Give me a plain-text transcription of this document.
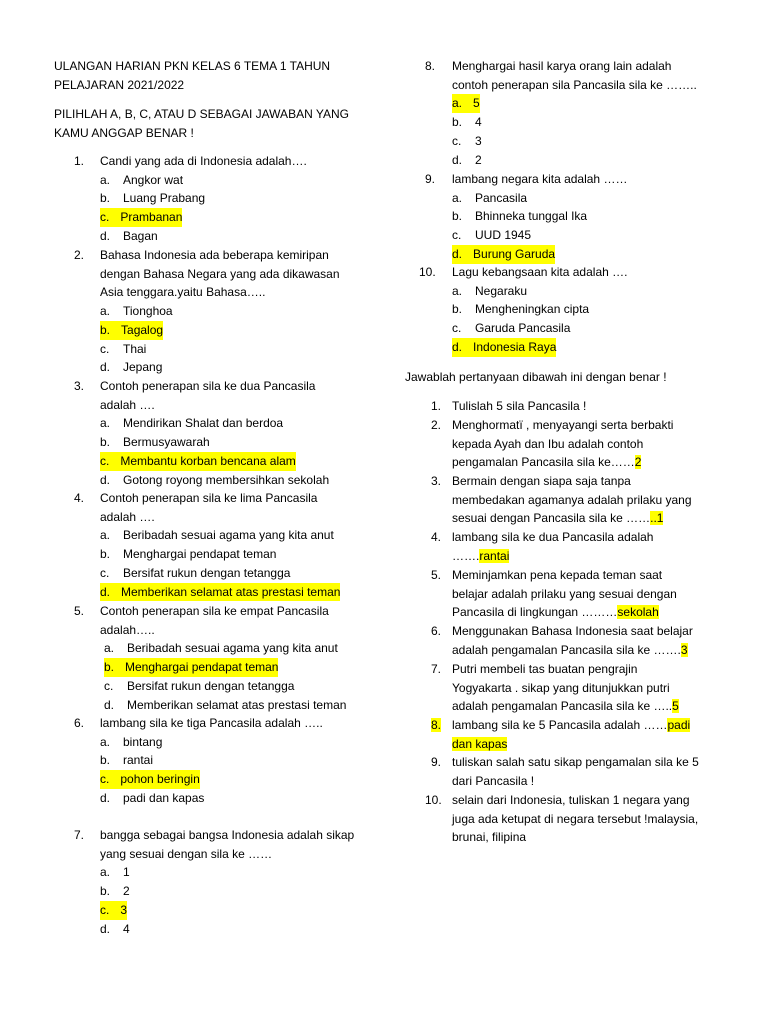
ULANGAN HARIAN PKN KELAS 6 TEMA 1 TAHUN
PELAJARAN 2021/2022
PILIHLAH A, B, C, ATAU D SEBAGAI JAWABAN YANG
KAMU ANGGAP BENAR !
1. Candi yang ada di Indonesia adalah….
a. Angkor wat
b. Luang Prabang
c. Prambanan
d. Bagan
2. Bahasa Indonesia ada beberapa kemiripan
dengan Bahasa Negara yang ada dikawasan
Asia tenggara.yaitu Bahasa…..
a. Tionghoa
b. Tagalog
c. Thai
d. Jepang
3. Contoh penerapan sila ke dua Pancasila
adalah ….
a. Mendirikan Shalat dan berdoa
b. Bermusyawarah
c. Membantu korban bencana alam
d. Gotong royong membersihkan sekolah
4. Contoh penerapan sila ke lima Pancasila
adalah ….
a. Beribadah sesuai agama yang kita anut
b. Menghargai pendapat teman
c. Bersifat rukun dengan tetangga
d. Memberikan selamat atas prestasi teman
5. Contoh penerapan sila ke empat Pancasila
adalah…..
a. Beribadah sesuai agama yang kita anut
b. Menghargai pendapat teman
c. Bersifat rukun dengan tetangga
d. Memberikan selamat atas prestasi teman
6. lambang sila ke tiga Pancasila adalah …..
a. bintang
b. rantai
c. pohon beringin
d. padi dan kapas
7. bangga sebagai bangsa Indonesia adalah sikap
yang sesuai dengan sila ke ……
a. 1
b. 2
c. 3
d. 4
8. Menghargai hasil karya orang lain adalah
contoh penerapan sila Pancasila sila ke ……..
a. 5
b. 4
c. 3
d. 2
9. lambang negara kita adalah ……
a. Pancasila
b. Bhinneka tunggal Ika
c. UUD 1945
d. Burung Garuda
10. Lagu kebangsaan kita adalah ….
a. Negaraku
b. Mengheningkan cipta
c. Garuda Pancasila
d. Indonesia Raya
Jawablah pertanyaan dibawah ini dengan benar !
1. Tulislah 5 sila Pancasila !
2. Menghormatï , menyayangi serta berbakti
kepada Ayah dan Ibu adalah contoh
pengamalan Pancasila sila ke……2
3. Bermain dengan siapa saja tanpa
membedakan agamanya adalah prilaku yang
sesuai dengan Pancasila sila ke ……..1
4. lambang sila ke dua Pancasila adalah
…….rantai
5. Meminjamkan pena kepada teman saat
belajar adalah prilaku yang sesuai dengan
Pancasila di lingkungan ………sekolah
6. Menggunakan Bahasa Indonesia saat belajar
adalah pengamalan Pancasila sila ke …….3
7. Putri membeli tas buatan pengrajin
Yogyakarta . sikap yang ditunjukkan putri
adalah pengamalan Pancasila sila ke …..5
8. lambang sila ke 5 Pancasila adalah ……padi
dan kapas
9. tuliskan salah satu sikap pengamalan sila ke 5
dari Pancasila !
10. selain dari Indonesia, tuliskan 1 negara yang
juga ada ketupat di negara tersebut !malaysia,
brunai, filipina
